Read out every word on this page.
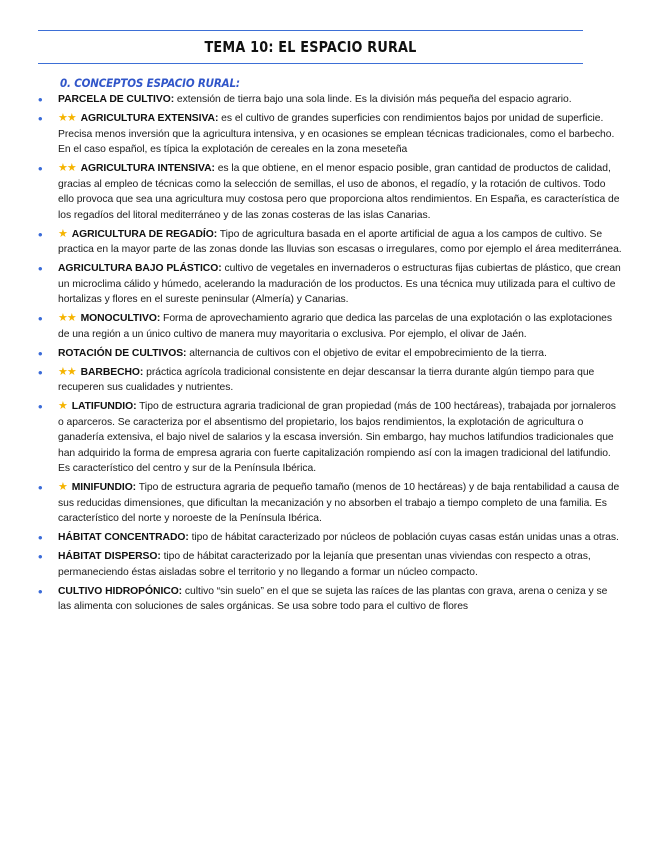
TEMA 10: EL ESPACIO RURAL
0. CONCEPTOS ESPACIO RURAL:
• PARCELA DE CULTIVO: extensión de tierra bajo una sola linde. Es la división más pequeña del espacio agrario.
• ★★ AGRICULTURA EXTENSIVA: es el cultivo de grandes superficies con rendimientos bajos por unidad de superficie. Precisa menos inversión que la agricultura intensiva, y en ocasiones se emplean técnicas tradicionales, como el barbecho. En el caso español, es típica la explotación de cereales en la zona meseteña
• ★★ AGRICULTURA INTENSIVA: es la que obtiene, en el menor espacio posible, gran cantidad de productos de calidad, gracias al empleo de técnicas como la selección de semillas, el uso de abonos, el regadío, y la rotación de cultivos. Todo ello provoca que sea una agricultura muy costosa pero que proporciona altos rendimientos. En España, es característica de los regadíos del litoral mediterráneo y de las zonas costeras de las islas Canarias.
• ★ AGRICULTURA DE REGADÍO: Tipo de agricultura basada en el aporte artificial de agua a los campos de cultivo. Se practica en la mayor parte de las zonas donde las lluvias son escasas o irregulares, como por ejemplo el área mediterránea.
• AGRICULTURA BAJO PLÁSTICO: cultivo de vegetales en invernaderos o estructuras fijas cubiertas de plástico, que crean un microclima cálido y húmedo, acelerando la maduración de los productos. Es una técnica muy utilizada para el cultivo de hortalizas y flores en el sureste peninsular (Almería) y Canarias.
• ★★ MONOCULTIVO: Forma de aprovechamiento agrario que dedica las parcelas de una explotación o las explotaciones de una región a un único cultivo de manera muy mayoritaria o exclusiva. Por ejemplo, el olivar de Jaén.
• ROTACIÓN DE CULTIVOS: alternancia de cultivos con el objetivo de evitar el empobrecimiento de la tierra.
• ★★ BARBECHO: práctica agrícola tradicional consistente en dejar descansar la tierra durante algún tiempo para que recuperen sus cualidades y nutrientes.
• ★ LATIFUNDIO: Tipo de estructura agraria tradicional de gran propiedad (más de 100 hectáreas), trabajada por jornaleros o aparceros. Se caracteriza por el absentismo del propietario, los bajos rendimientos, la explotación de agricultura o ganadería extensiva, el bajo nivel de salarios y la escasa inversión. Sin embargo, hay muchos latifundios tradicionales que han adquirido la forma de empresa agraria con fuerte capitalización rompiendo así con la imagen tradicional del latifundio. Es característico del centro y sur de la Península Ibérica.
• ★ MINIFUNDIO: Tipo de estructura agraria de pequeño tamaño (menos de 10 hectáreas) y de baja rentabilidad a causa de sus reducidas dimensiones, que dificultan la mecanización y no absorben el trabajo a tiempo completo de una familia. Es característico del norte y noroeste de la Península Ibérica.
• HÁBITAT CONCENTRADO: tipo de hábitat caracterizado por núcleos de población cuyas casas están unidas unas a otras.
• HÁBITAT DISPERSO: tipo de hábitat caracterizado por la lejanía que presentan unas viviendas con respecto a otras, permaneciendo éstas aisladas sobre el territorio y no llegando a formar un núcleo compacto.
• CULTIVO HIDROPÓNICO: cultivo “sin suelo” en el que se sujeta las raíces de las plantas con grava, arena o ceniza y se las alimenta con soluciones de sales orgánicas. Se usa sobre todo para el cultivo de flores
